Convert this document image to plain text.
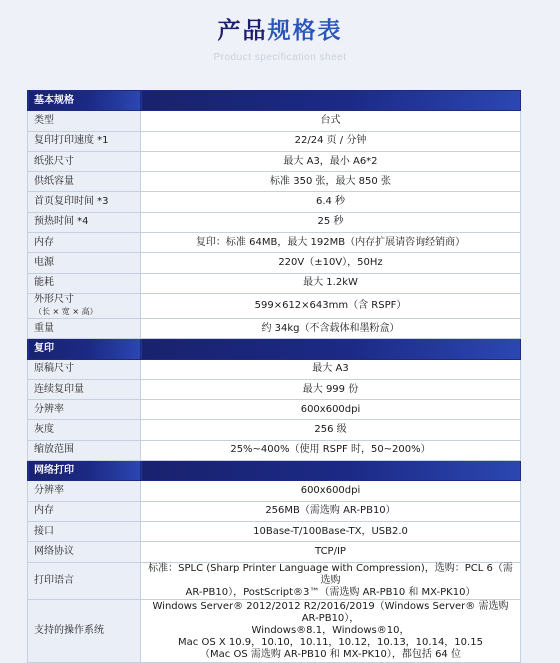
产品规格表
Product specification sheet
基本规格	
类型	台式
复印打印速度 *1	22/24 页 / 分钟
纸张尺寸	最大 A3，最小 A6*2
供纸容量	标准 350 张，最大 850 张
首页复印时间 *3	6.4 秒
预热时间 *4	25 秒
内存	复印：标准 64MB，最大 192MB（内存扩展请咨询经销商）
电源	220V（±10V），50Hz
能耗	最大 1.2kW
外形尺寸（长 × 宽 × 高）	599×612×643mm（含 RSPF）
重量	约 34kg（不含载体和墨粉盒）
复印	
原稿尺寸	最大 A3
连续复印量	最大 999 份
分辨率	600x600dpi
灰度	256 级
缩放范围	25%~400%（使用 RSPF 时，50~200%）
网络打印	
分辨率	600x600dpi
内存	256MB（需选购 AR-PB10）
接口	10Base-T/100Base-TX，USB2.0
网络协议	TCP/IP
打印语言	标准：SPLC (Sharp Printer Language with Compression)，选购：PCL 6（需选购
AR-PB10），PostScript®3™（需选购 AR-PB10 和 MX-PK10）

支持的操作系统	Windows Server® 2012/2012 R2/2016/2019（Windows Server® 需选购 AR-PB10），
Windows®8.1，Windows®10，
Mac OS X 10.9，10.10，10.11，10.12，10.13，10.14，10.15
（Mac OS 需选购 AR-PB10 和 MX-PK10），都包括 64 位
